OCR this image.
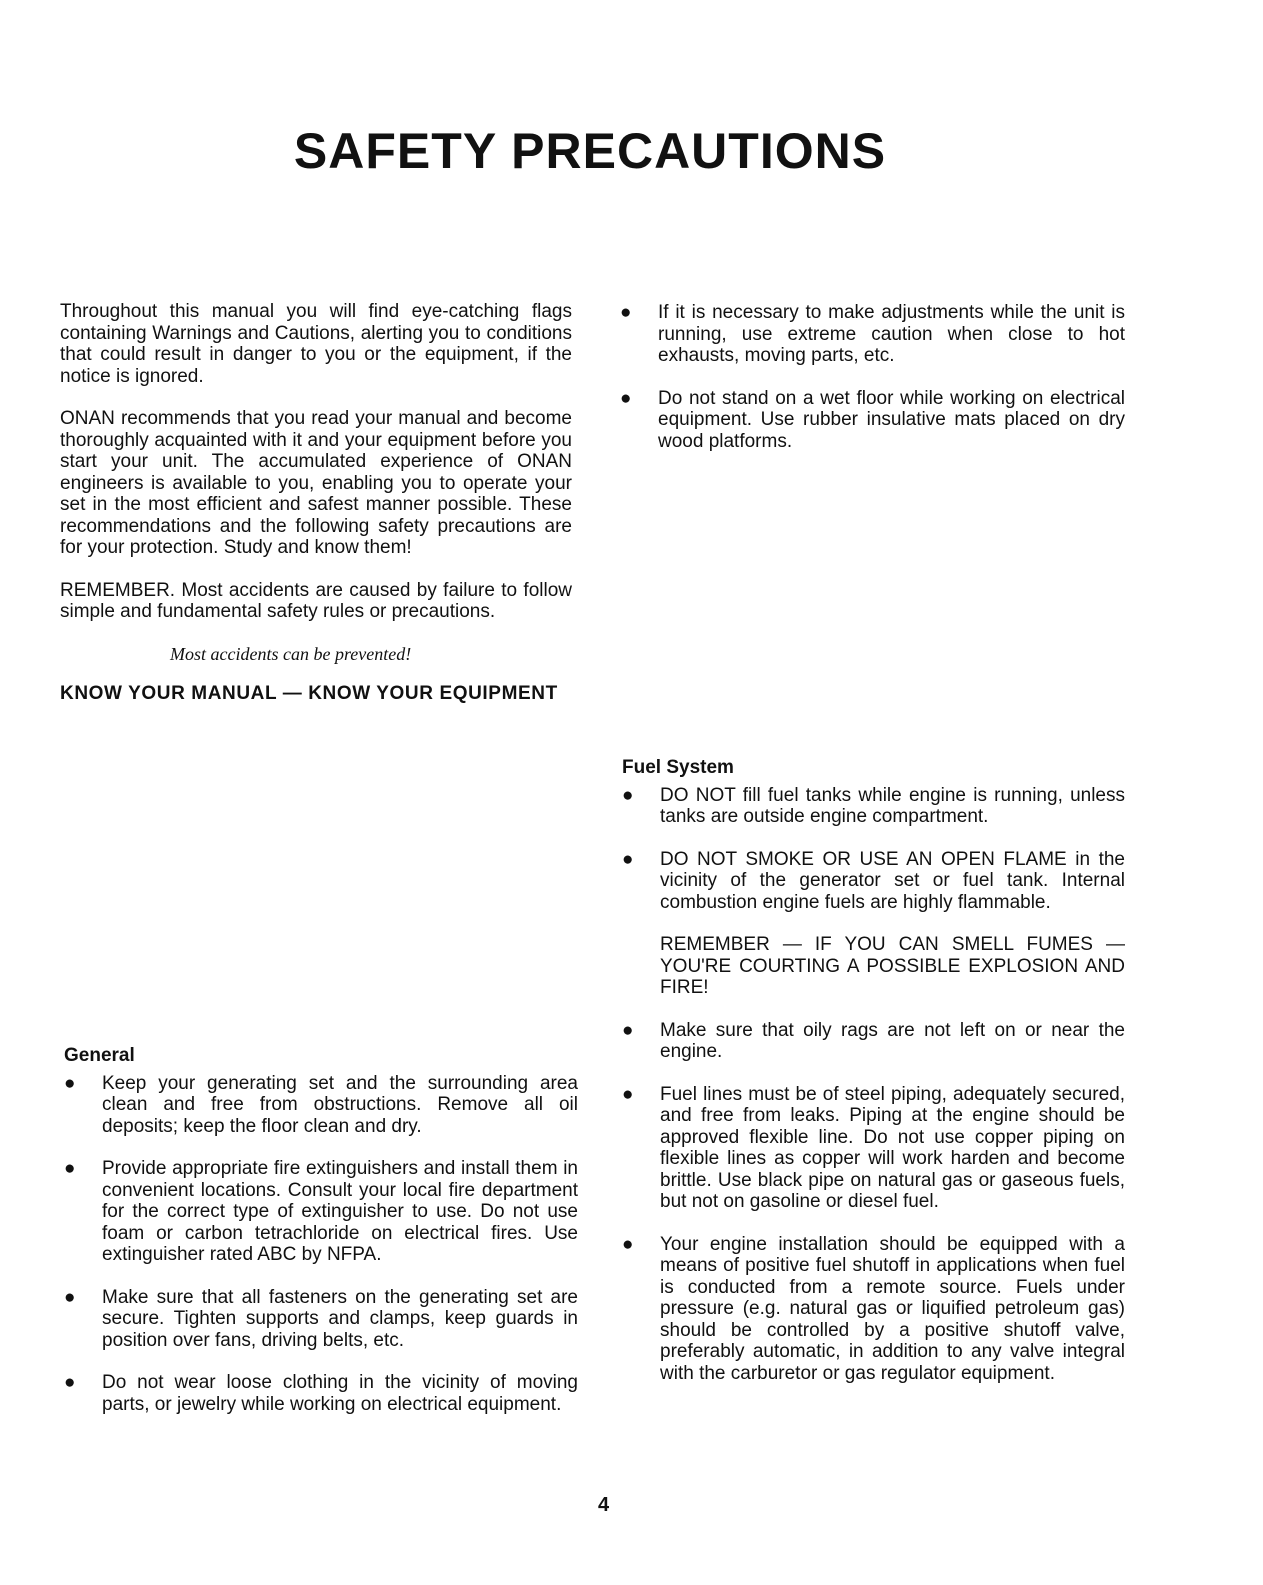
SAFETY PRECAUTIONS

Throughout this manual you will find eye-catching flags containing Warnings and Cautions, alerting you to conditions that could result in danger to you or the equipment, if the notice is ignored.

ONAN recommends that you read your manual and become thoroughly acquainted with it and your equipment before you start your unit. The accumulated experience of ONAN engineers is available to you, enabling you to operate your set in the most efficient and safest manner possible. These recommendations and the following safety precautions are for your protection. Study and know them!

REMEMBER. Most accidents are caused by failure to follow simple and fundamental safety rules or precautions.

Most accidents can be prevented!

KNOW YOUR MANUAL — KNOW YOUR EQUIPMENT

General

● Keep your generating set and the surrounding area clean and free from obstructions. Remove all oil deposits; keep the floor clean and dry.
● Provide appropriate fire extinguishers and install them in convenient locations. Consult your local fire department for the correct type of extinguisher to use. Do not use foam or carbon tetrachloride on electrical fires. Use extinguisher rated ABC by NFPA.
● Make sure that all fasteners on the generating set are secure. Tighten supports and clamps, keep guards in position over fans, driving belts, etc.
● Do not wear loose clothing in the vicinity of moving parts, or jewelry while working on electrical equipment.
● If it is necessary to make adjustments while the unit is running, use extreme caution when close to hot exhausts, moving parts, etc.
● Do not stand on a wet floor while working on electrical equipment. Use rubber insulative mats placed on dry wood platforms.

Fuel System

● DO NOT fill fuel tanks while engine is running, unless tanks are outside engine compartment.
● DO NOT SMOKE OR USE AN OPEN FLAME in the vicinity of the generator set or fuel tank. Internal combustion engine fuels are highly flammable.
REMEMBER — IF YOU CAN SMELL FUMES — YOU'RE COURTING A POSSIBLE EXPLOSION AND FIRE!
● Make sure that oily rags are not left on or near the engine.
● Fuel lines must be of steel piping, adequately secured, and free from leaks. Piping at the engine should be approved flexible line. Do not use copper piping on flexible lines as copper will work harden and become brittle. Use black pipe on natural gas or gaseous fuels, but not on gasoline or diesel fuel.
● Your engine installation should be equipped with a means of positive fuel shutoff in applications when fuel is conducted from a remote source. Fuels under pressure (e.g. natural gas or liquified petroleum gas) should be controlled by a positive shutoff valve, preferably automatic, in addition to any valve integral with the carburetor or gas regulator equipment.

4
